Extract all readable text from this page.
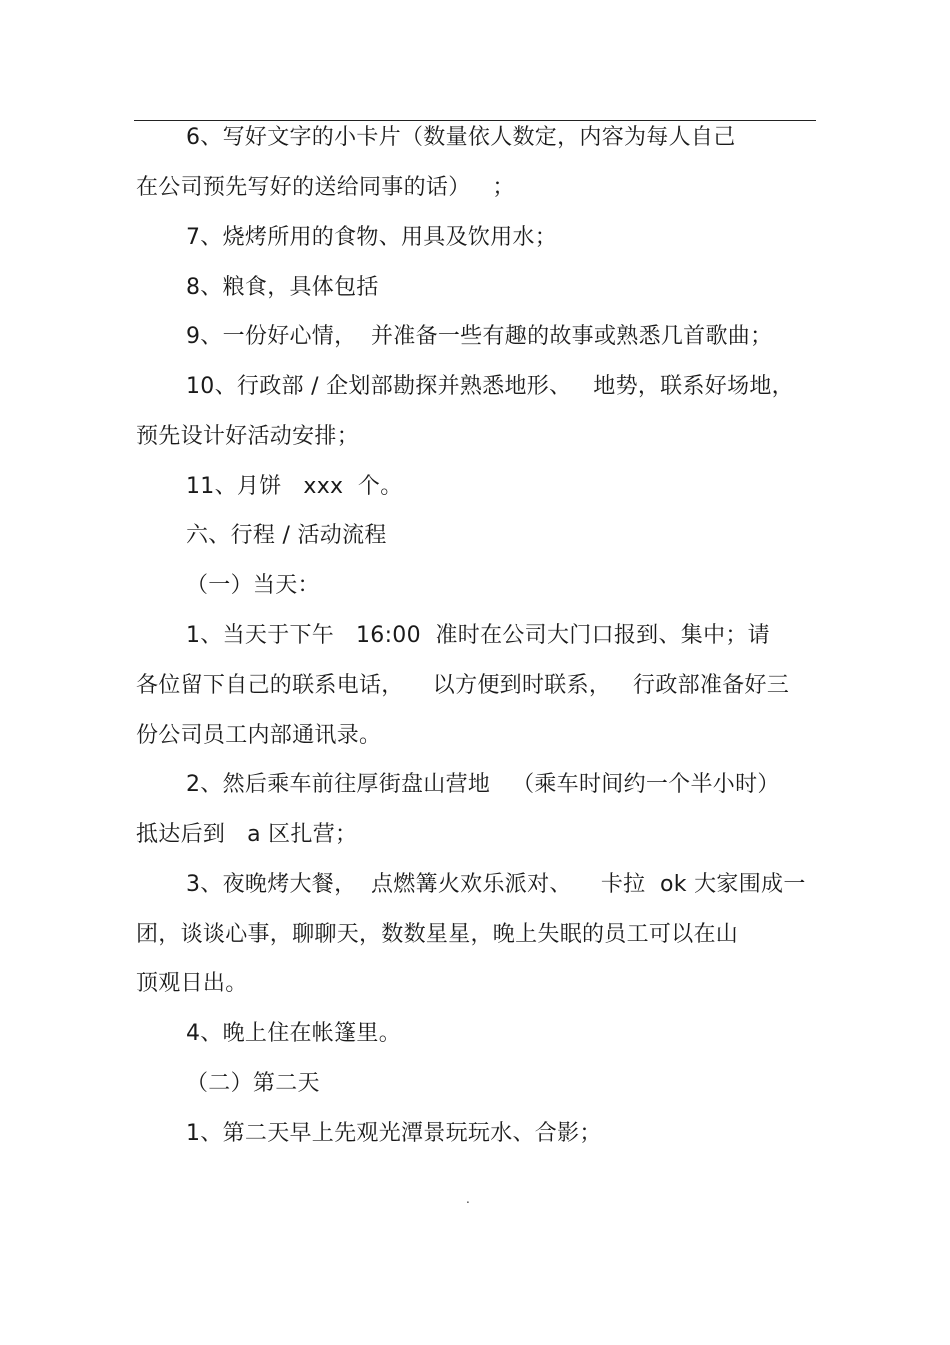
6、写好文字的小卡片（数量依人数定，内容为每人自己
在公司预先写好的送给同事的话）   ；
7、烧烤所用的食物、用具及饮用水；
8、粮食，具体包括
9、一份好心情，  并准备一些有趣的故事或熟悉几首歌曲；
10、行政部 / 企划部勘探并熟悉地形、   地势，联系好场地，
预先设计好活动安排；
11、月饼   xxx  个。
六、行程 / 活动流程
（一）当天：
1、当天于下午   16:00  准时在公司大门口报到、集中；请
各位留下自己的联系电话，    以方便到时联系，   行政部准备好三
份公司员工内部通讯录。
2、然后乘车前往厚街盘山营地   （乘车时间约一个半小时）
抵达后到   a 区扎营；
3、夜晚烤大餐，  点燃篝火欢乐派对、    卡拉  ok 大家围成一
团，谈谈心事，聊聊天，数数星星，晚上失眠的员工可以在山
顶观日出。
4、晚上住在帐篷里。
（二）第二天
1、第二天早上先观光潭景玩玩水、合影；
.
